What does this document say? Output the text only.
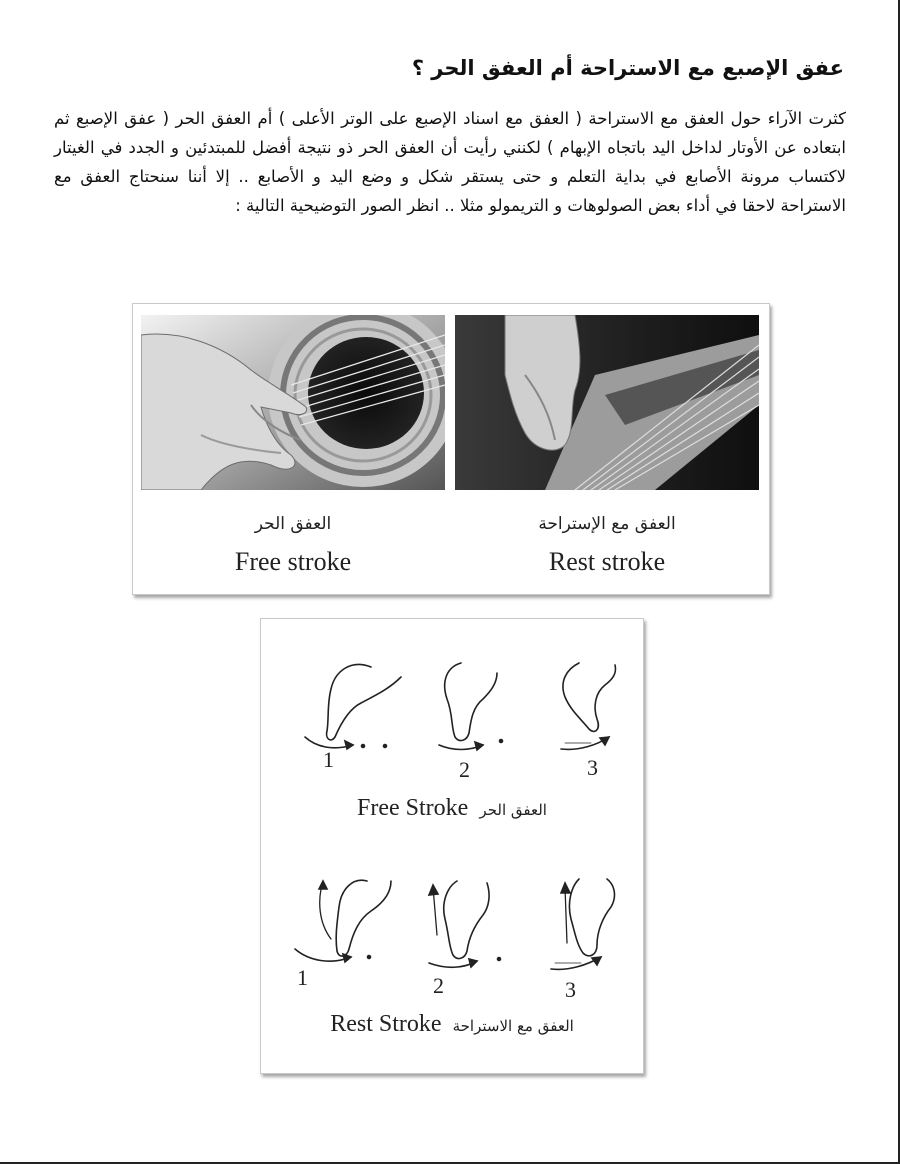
عفق الإصبع مع الاستراحة أم العفق الحر ؟

كثرت الآراء حول العفق مع الاستراحة ( العفق مع اسناد الإصبع على الوتر الأعلى ) أم العفق الحر ( عفق الإصبع ثم ابتعاده عن الأوتار لداخل اليد باتجاه الإبهام ) لكنني رأيت أن العفق الحر ذو نتيجة أفضل للمبتدئين و الجدد في الغيتار لاكتساب مرونة الأصابع في بداية التعلم و حتى يستقر شكل و وضع اليد و الأصابع .. إلا أننا سنحتاج العفق مع الاستراحة لاحقا في أداء بعض الصولوهات و التريمولو مثلا .. انظر الصور التوضيحية التالية :

العفق الحر
Free stroke
العفق مع الإستراحة
Rest stroke
1	2	3
1	2	3
Free Stroke العفق الحر
Rest Stroke العفق مع الاستراحة
